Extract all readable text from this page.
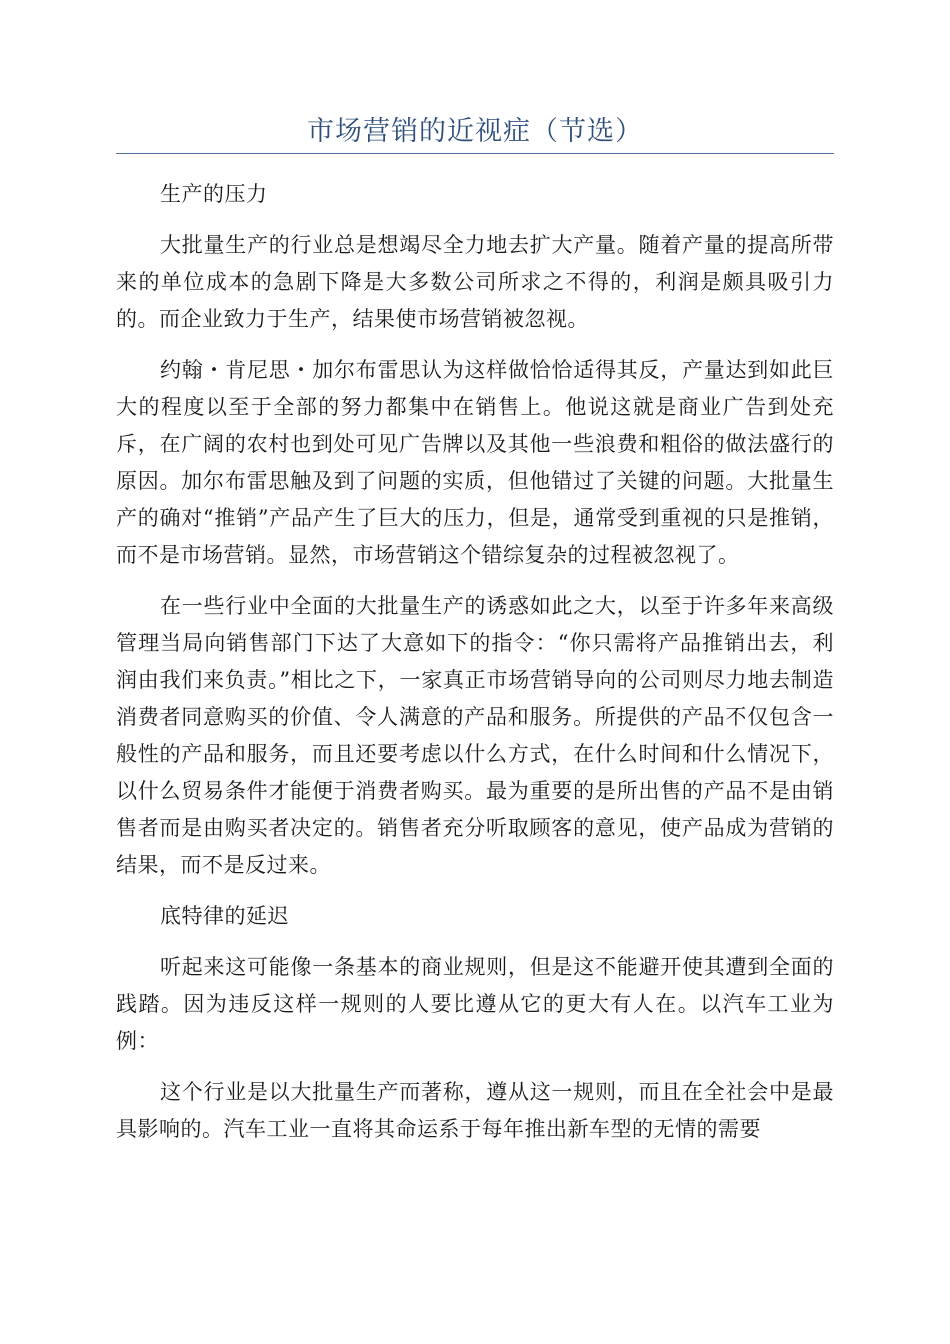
市场营销的近视症（节选）

生产的压力

大批量生产的行业总是想竭尽全力地去扩大产量。随着产量的提高所带来的单位成本的急剧下降是大多数公司所求之不得的，利润是颇具吸引力的。而企业致力于生产，结果使市场营销被忽视。

约翰・肯尼思・加尔布雷思认为这样做恰恰适得其反，产量达到如此巨大的程度以至于全部的努力都集中在销售上。他说这就是商业广告到处充斥，在广阔的农村也到处可见广告牌以及其他一些浪费和粗俗的做法盛行的原因。加尔布雷思触及到了问题的实质，但他错过了关键的问题。大批量生产的确对“推销”产品产生了巨大的压力，但是，通常受到重视的只是推销，而不是市场营销。显然，市场营销这个错综复杂的过程被忽视了。

在一些行业中全面的大批量生产的诱惑如此之大，以至于许多年来高级管理当局向销售部门下达了大意如下的指令：“你只需将产品推销出去，利润由我们来负责。”相比之下，一家真正市场营销导向的公司则尽力地去制造消费者同意购买的价值、令人满意的产品和服务。所提供的产品不仅包含一般性的产品和服务，而且还要考虑以什么方式，在什么时间和什么情况下，以什么贸易条件才能便于消费者购买。最为重要的是所出售的产品不是由销售者而是由购买者决定的。销售者充分听取顾客的意见，使产品成为营销的结果，而不是反过来。

底特律的延迟

听起来这可能像一条基本的商业规则，但是这不能避开使其遭到全面的践踏。因为违反这样一规则的人要比遵从它的更大有人在。以汽车工业为例：

这个行业是以大批量生产而著称，遵从这一规则，而且在全社会中是最具影响的。汽车工业一直将其命运系于每年推出新车型的无情的需要
